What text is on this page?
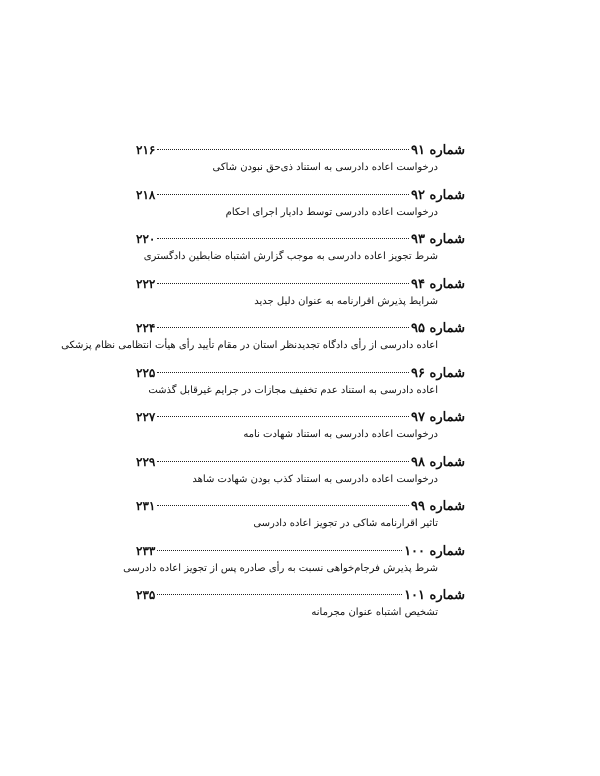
شماره ۹۱
۲۱۶
درخواست اعاده دادرسی به استناد ذی‌حق نبودن شاکی
شماره ۹۲
۲۱۸
درخواست اعاده دادرسی توسط دادیار اجرای احکام
شماره ۹۳
۲۲۰
شرط تجویز اعاده دادرسی به موجب گزارش اشتباه ضابطین دادگستری
شماره ۹۴
۲۲۲
شرایط پذیرش اقرارنامه به عنوان دلیل جدید
شماره ۹۵
۲۲۴
اعاده دادرسی از رأی دادگاه تجدیدنظر استان در مقام تأیید رأی هیأت انتظامی نظام پزشکی
شماره ۹۶
۲۲۵
اعاده دادرسی به استناد عدم تخفیف مجازات در جرایم غیرقابل گذشت
شماره ۹۷
۲۲۷
درخواست اعاده دادرسی به استناد شهادت نامه
شماره ۹۸
۲۲۹
درخواست اعاده دادرسی به استناد کذب بودن شهادت شاهد
شماره ۹۹
۲۳۱
تاثیر اقرارنامه شاکی در تجویز اعاده دادرسی
شماره ۱۰۰
۲۳۳
شرط پذیرش فرجام‌خواهی نسبت به رأی صادره پس از تجویز اعاده دادرسی
شماره ۱۰۱
۲۳۵
تشخیص اشتباه عنوان مجرمانه
